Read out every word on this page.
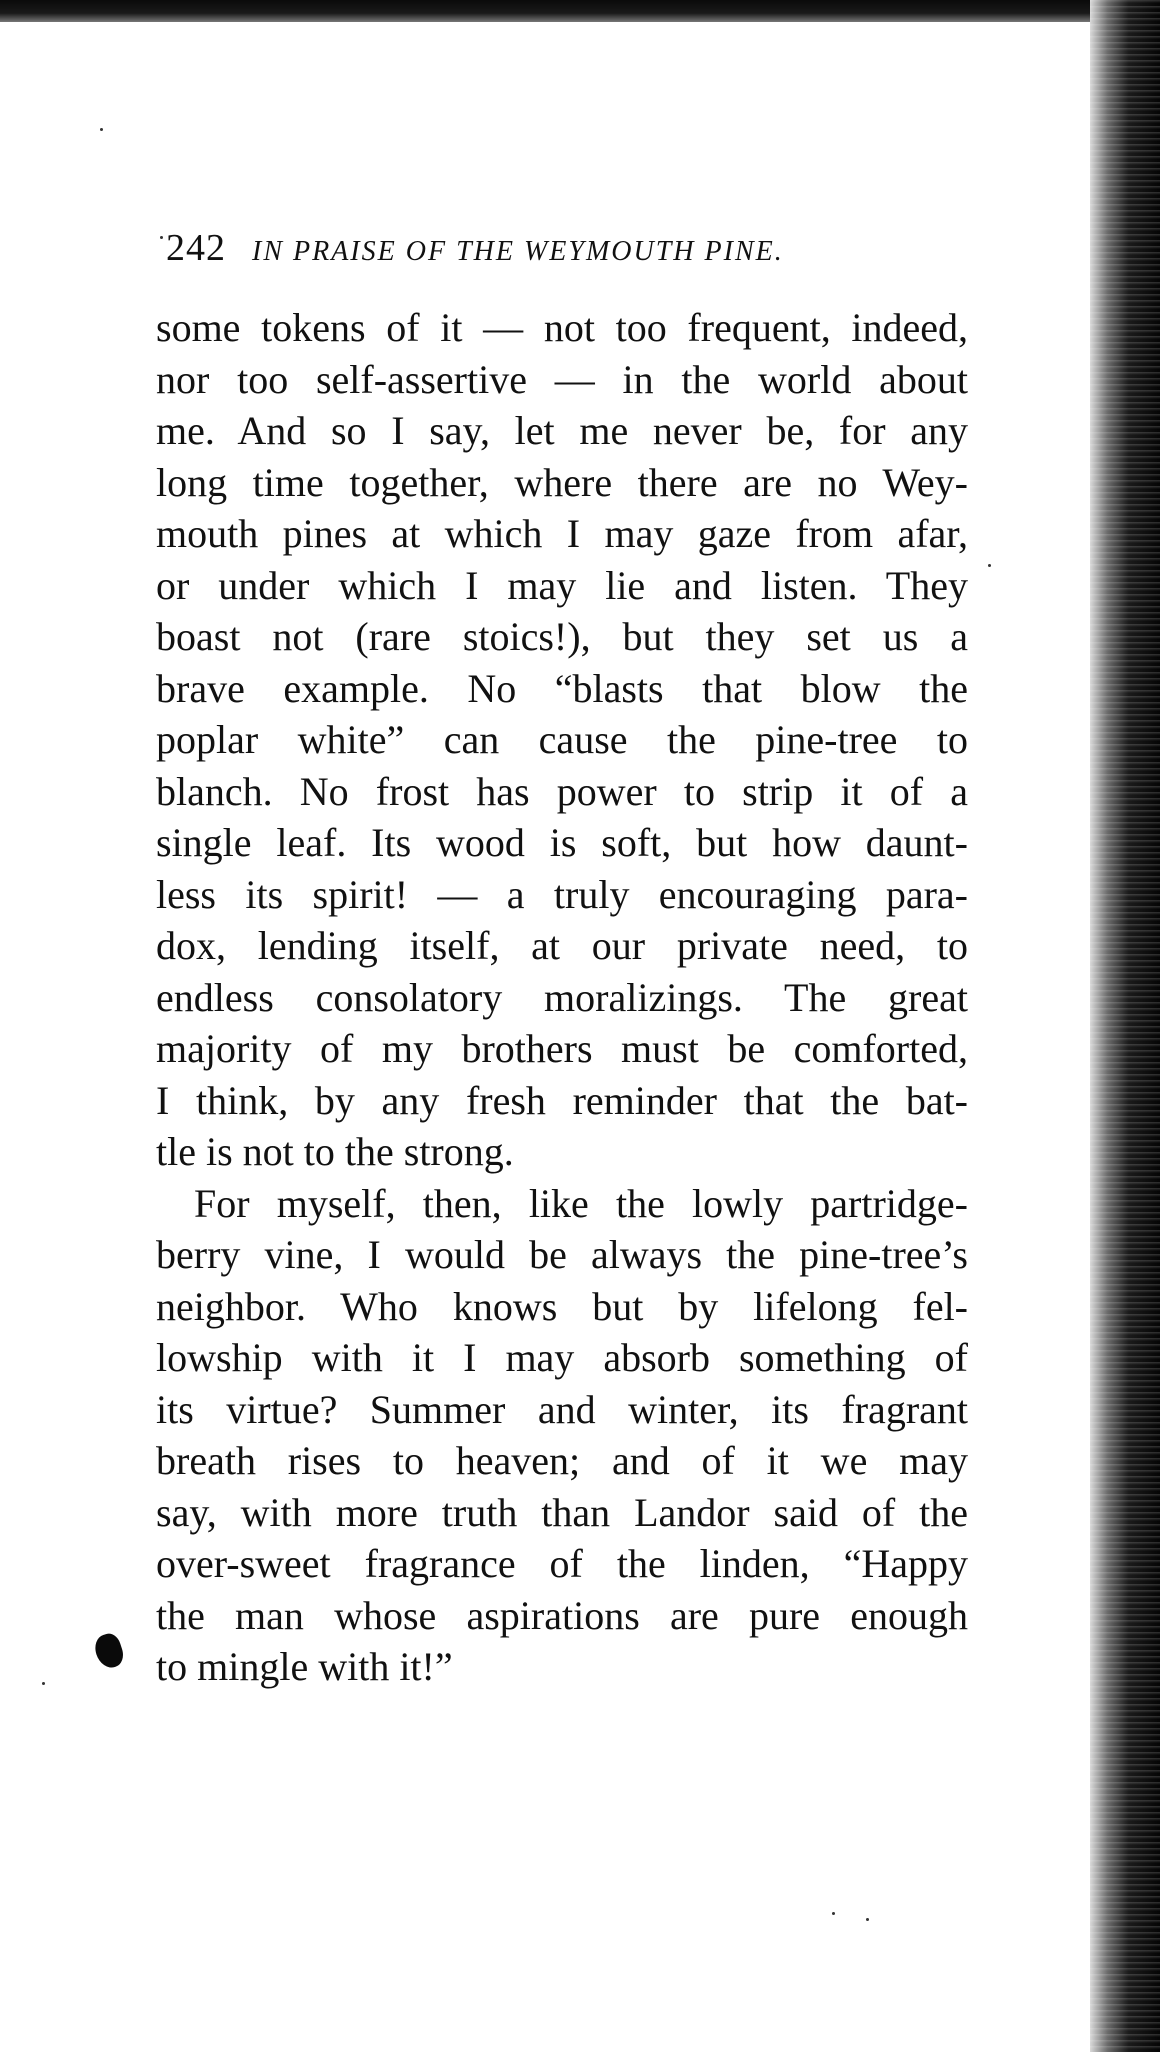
242 IN PRAISE OF THE WEYMOUTH PINE.

some tokens of it — not too frequent, indeed,
nor too self-assertive — in the world about
me. And so I say, let me never be, for any
long time together, where there are no Wey-
mouth pines at which I may gaze from afar,
or under which I may lie and listen. They
boast not (rare stoics!), but they set us a
brave example. No “blasts that blow the
poplar white” can cause the pine-tree to
blanch. No frost has power to strip it of a
single leaf. Its wood is soft, but how daunt-
less its spirit! — a truly encouraging para-
dox, lending itself, at our private need, to
endless consolatory moralizings. The great
majority of my brothers must be comforted,
I think, by any fresh reminder that the bat-
tle is not to the strong.

For myself, then, like the lowly partridge-
berry vine, I would be always the pine-tree’s
neighbor. Who knows but by lifelong fel-
lowship with it I may absorb something of
its virtue? Summer and winter, its fragrant
breath rises to heaven; and of it we may
say, with more truth than Landor said of the
over-sweet fragrance of the linden, “Happy
the man whose aspirations are pure enough
to mingle with it!”
